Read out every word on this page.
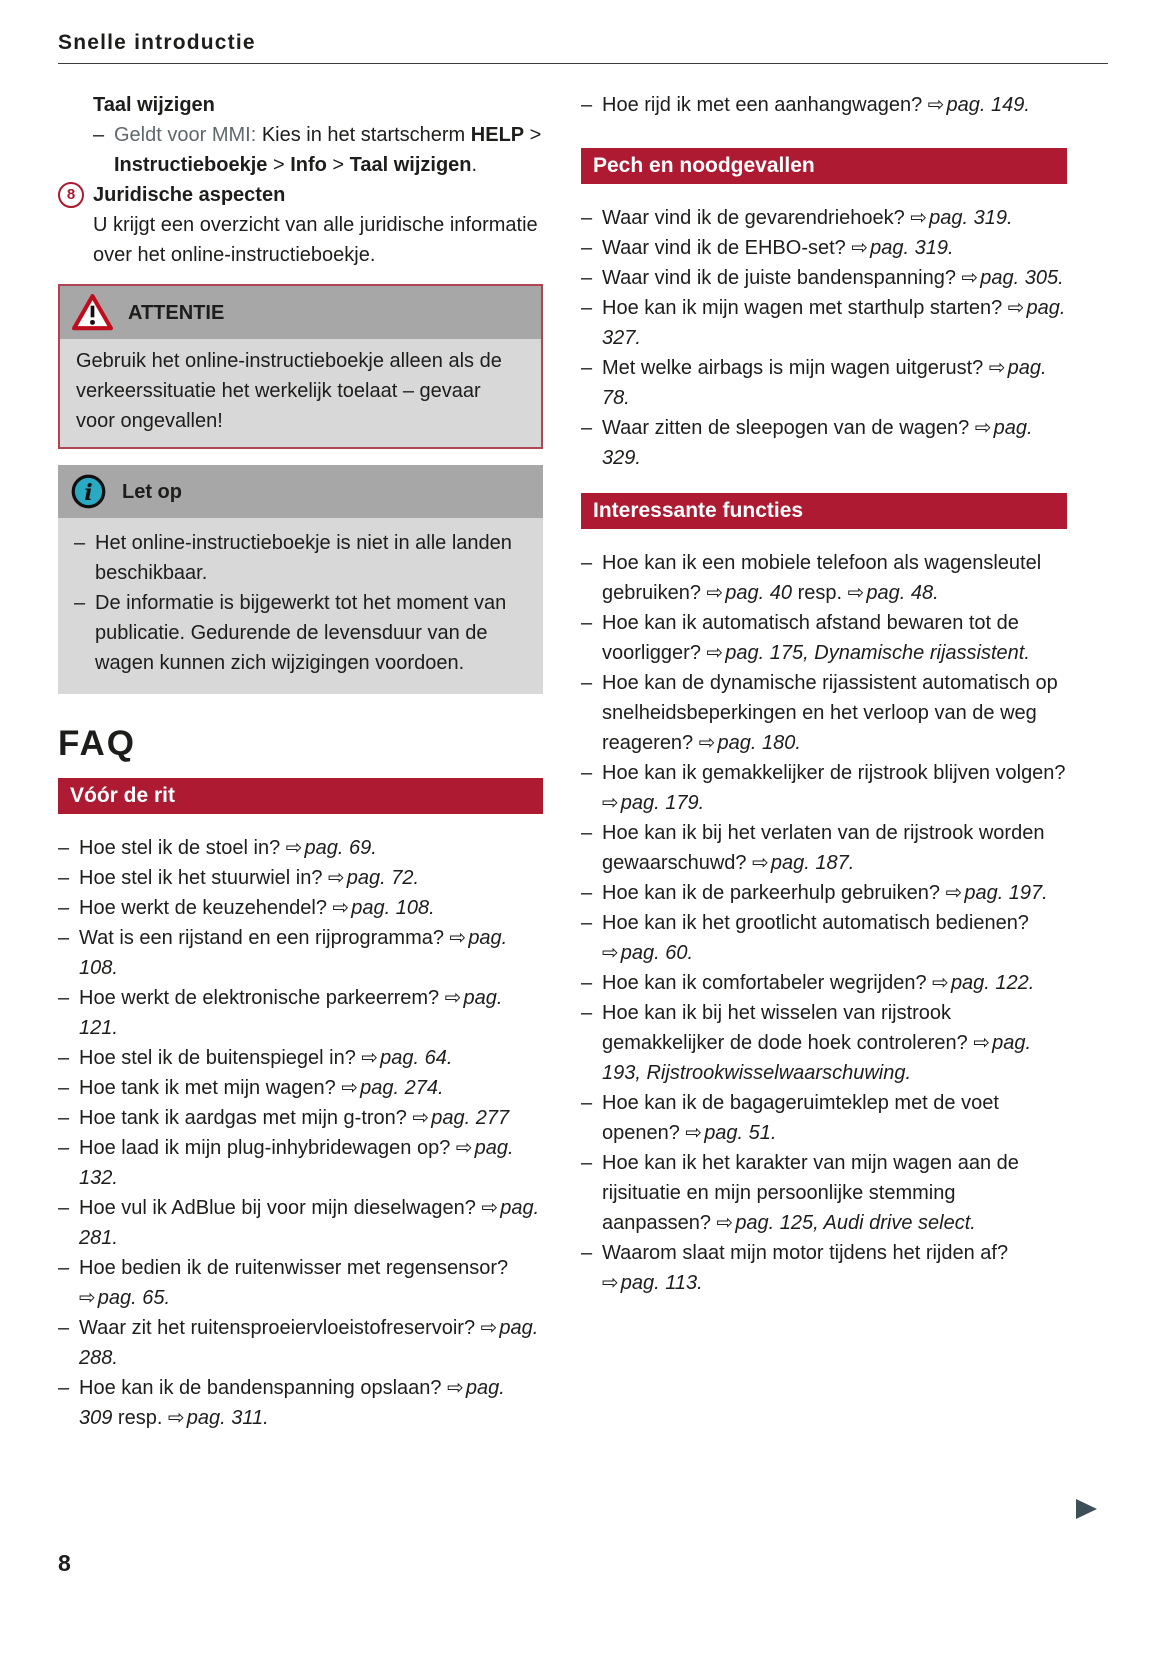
Snelle introductie
Taal wijzigen
– Geldt voor MMI: Kies in het startscherm HELP > Instructieboekje > Info > Taal wijzigen.
8 Juridische aspecten

U krijgt een overzicht van alle juridische informatie over het online-instructieboekje.

ATTENTIE
Gebruik het online-instructieboekje alleen als de verkeerssituatie het werkelijk toelaat – gevaar voor ongevallen!
i Let op
– Het online-instructieboekje is niet in alle landen beschikbaar.
– De informatie is bijgewerkt tot het moment van publicatie. Gedurende de levensduur van de wagen kunnen zich wijzigingen voordoen.
FAQ
Vóór de rit
– Hoe stel ik de stoel in? ⇨ pag. 69.
– Hoe stel ik het stuurwiel in? ⇨ pag. 72.
– Hoe werkt de keuzehendel? ⇨ pag. 108.
– Wat is een rijstand en een rijprogramma? ⇨ pag. 108.
– Hoe werkt de elektronische parkeerrem? ⇨ pag. 121.
– Hoe stel ik de buitenspiegel in? ⇨ pag. 64.
– Hoe tank ik met mijn wagen? ⇨ pag. 274.
– Hoe tank ik aardgas met mijn g-tron? ⇨ pag. 277
– Hoe laad ik mijn plug-inhybridewagen op? ⇨ pag. 132.
– Hoe vul ik AdBlue bij voor mijn dieselwagen? ⇨ pag. 281.
– Hoe bedien ik de ruitenwisser met regensensor? ⇨ pag. 65.
– Waar zit het ruitensproeiervloeistofreservoir? ⇨ pag. 288.
– Hoe kan ik de bandenspanning opslaan? ⇨ pag. 309 resp. ⇨ pag. 311.
– Hoe rijd ik met een aanhangwagen? ⇨ pag. 149.
Pech en noodgevallen
– Waar vind ik de gevarendriehoek? ⇨ pag. 319.
– Waar vind ik de EHBO-set? ⇨ pag. 319.
– Waar vind ik de juiste bandenspanning? ⇨ pag. 305.
– Hoe kan ik mijn wagen met starthulp starten? ⇨ pag. 327.
– Met welke airbags is mijn wagen uitgerust? ⇨ pag. 78.
– Waar zitten de sleepogen van de wagen? ⇨ pag. 329.
Interessante functies
– Hoe kan ik een mobiele telefoon als wagensleutel gebruiken? ⇨ pag. 40 resp. ⇨ pag. 48.
– Hoe kan ik automatisch afstand bewaren tot de voorligger? ⇨ pag. 175, Dynamische rijassistent.
– Hoe kan de dynamische rijassistent automatisch op snelheidsbeperkingen en het verloop van de weg reageren? ⇨ pag. 180.
– Hoe kan ik gemakkelijker de rijstrook blijven volgen? ⇨ pag. 179.
– Hoe kan ik bij het verlaten van de rijstrook worden gewaarschuwd? ⇨ pag. 187.
– Hoe kan ik de parkeerhulp gebruiken? ⇨ pag. 197.
– Hoe kan ik het grootlicht automatisch bedienen? ⇨ pag. 60.
– Hoe kan ik comfortabeler wegrijden? ⇨ pag. 122.
– Hoe kan ik bij het wisselen van rijstrook gemakkelijker de dode hoek controleren? ⇨ pag. 193, Rijstrookwisselwaarschuwing.
– Hoe kan ik de bagageruimteklep met de voet openen? ⇨ pag. 51.
– Hoe kan ik het karakter van mijn wagen aan de rijsituatie en mijn persoonlijke stemming aanpassen? ⇨ pag. 125, Audi drive select.
– Waarom slaat mijn motor tijdens het rijden af? ⇨ pag. 113.
8
